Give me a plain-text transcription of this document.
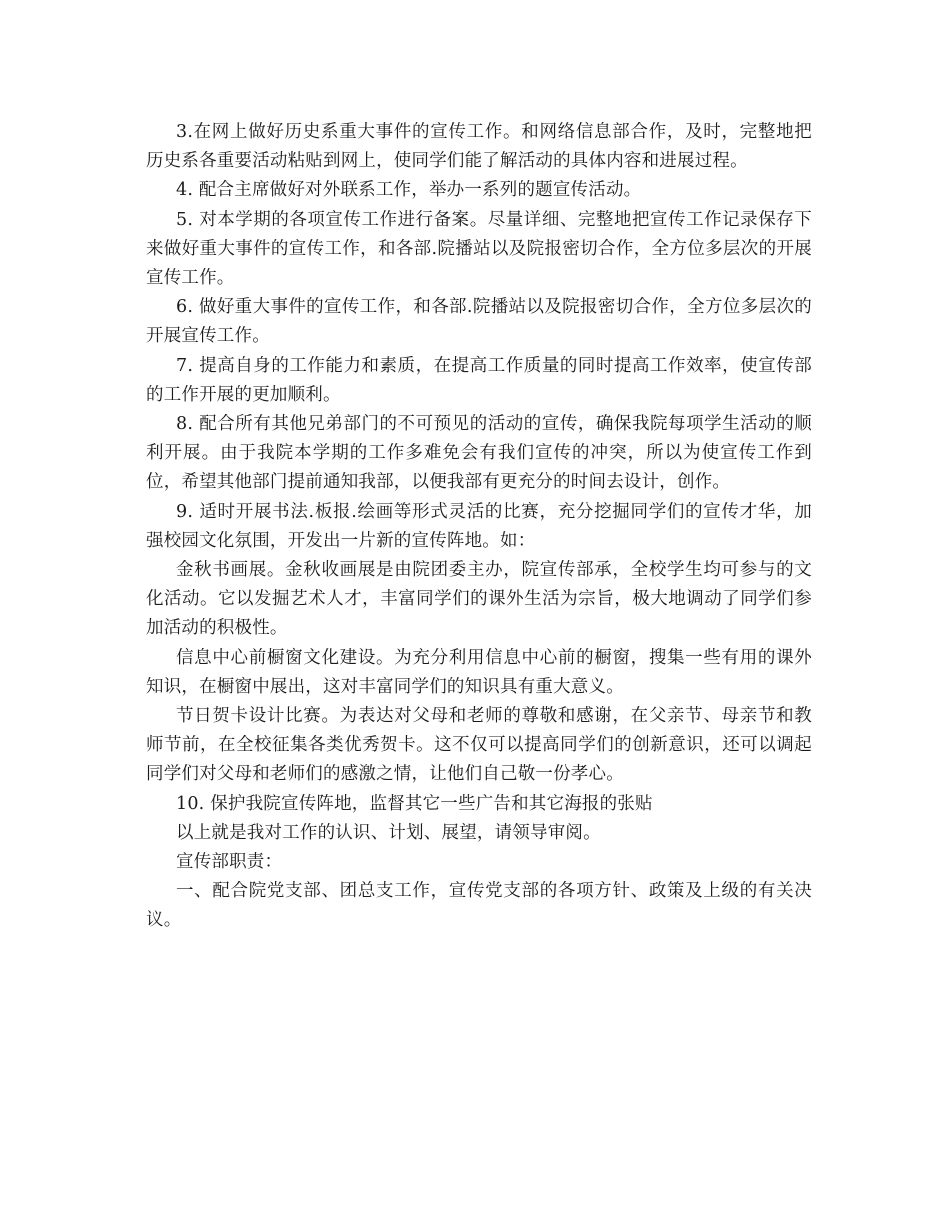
3.在网上做好历史系重大事件的宣传工作。和网络信息部合作，及时，完整地把历史系各重要活动粘贴到网上，使同学们能了解活动的具体内容和进展过程。

4. 配合主席做好对外联系工作，举办一系列的题宣传活动。

5. 对本学期的各项宣传工作进行备案。尽量详细、完整地把宣传工作记录保存下来做好重大事件的宣传工作，和各部.院播站以及院报密切合作，全方位多层次的开展宣传工作。

6. 做好重大事件的宣传工作，和各部.院播站以及院报密切合作，全方位多层次的开展宣传工作。

7. 提高自身的工作能力和素质，在提高工作质量的同时提高工作效率，使宣传部的工作开展的更加顺利。

8. 配合所有其他兄弟部门的不可预见的活动的宣传，确保我院每项学生活动的顺利开展。由于我院本学期的工作多难免会有我们宣传的冲突，所以为使宣传工作到位，希望其他部门提前通知我部，以便我部有更充分的时间去设计，创作。

9. 适时开展书法.板报.绘画等形式灵活的比赛，充分挖掘同学们的宣传才华，加强校园文化氛围，开发出一片新的宣传阵地。如：

金秋书画展。金秋收画展是由院团委主办，院宣传部承，全校学生均可参与的文化活动。它以发掘艺术人才，丰富同学们的课外生活为宗旨，极大地调动了同学们参加活动的积极性。

信息中心前橱窗文化建设。为充分利用信息中心前的橱窗，搜集一些有用的课外知识，在橱窗中展出，这对丰富同学们的知识具有重大意义。

节日贺卡设计比赛。为表达对父母和老师的尊敬和感谢，在父亲节、母亲节和教师节前，在全校征集各类优秀贺卡。这不仅可以提高同学们的创新意识，还可以调起同学们对父母和老师们的感激之情，让他们自己敬一份孝心。

10. 保护我院宣传阵地，监督其它一些广告和其它海报的张贴

以上就是我对工作的认识、计划、展望，请领导审阅。

宣传部职责：

一、配合院党支部、团总支工作，宣传党支部的各项方针、政策及上级的有关决议。
